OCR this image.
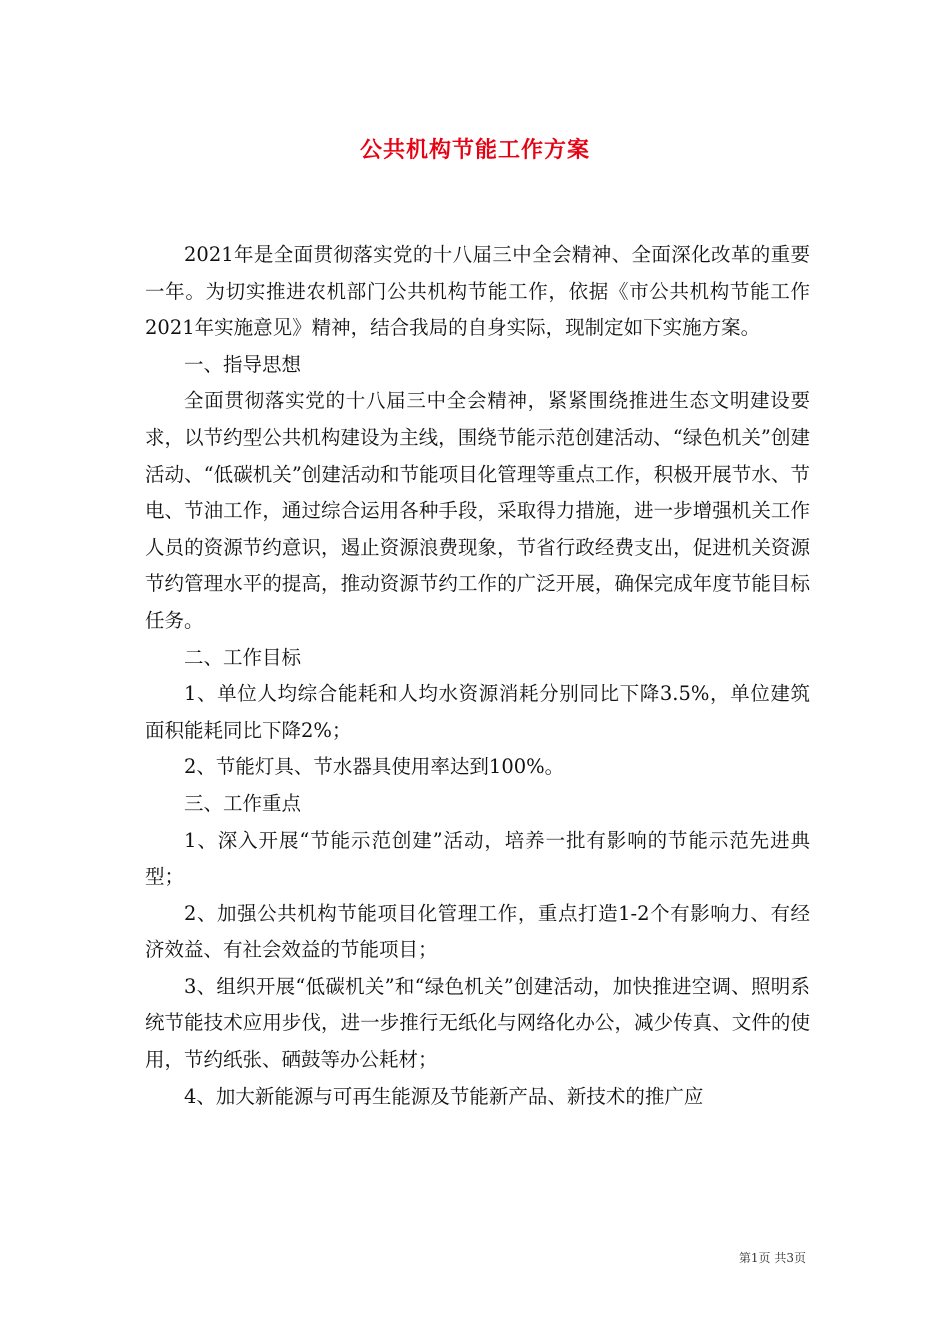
公共机构节能工作方案

2021年是全面贯彻落实党的十八届三中全会精神、全面深化改革的重要一年。为切实推进农机部门公共机构节能工作，依据《市公共机构节能工作2021年实施意见》精神，结合我局的自身实际，现制定如下实施方案。

一、指导思想

全面贯彻落实党的十八届三中全会精神，紧紧围绕推进生态文明建设要求，以节约型公共机构建设为主线，围绕节能示范创建活动、“绿色机关”创建活动、“低碳机关”创建活动和节能项目化管理等重点工作，积极开展节水、节电、节油工作，通过综合运用各种手段，采取得力措施，进一步增强机关工作人员的资源节约意识，遏止资源浪费现象，节省行政经费支出，促进机关资源节约管理水平的提高，推动资源节约工作的广泛开展，确保完成年度节能目标任务。

二、工作目标

1、单位人均综合能耗和人均水资源消耗分别同比下降3.5%，单位建筑面积能耗同比下降2%；

2、节能灯具、节水器具使用率达到100%。

三、工作重点

1、深入开展“节能示范创建”活动，培养一批有影响的节能示范先进典型；

2、加强公共机构节能项目化管理工作，重点打造1-2个有影响力、有经济效益、有社会效益的节能项目；

3、组织开展“低碳机关”和“绿色机关”创建活动，加快推进空调、照明系统节能技术应用步伐，进一步推行无纸化与网络化办公，减少传真、文件的使用，节约纸张、硒鼓等办公耗材；

4、加大新能源与可再生能源及节能新产品、新技术的推广应

第1页 共3页
